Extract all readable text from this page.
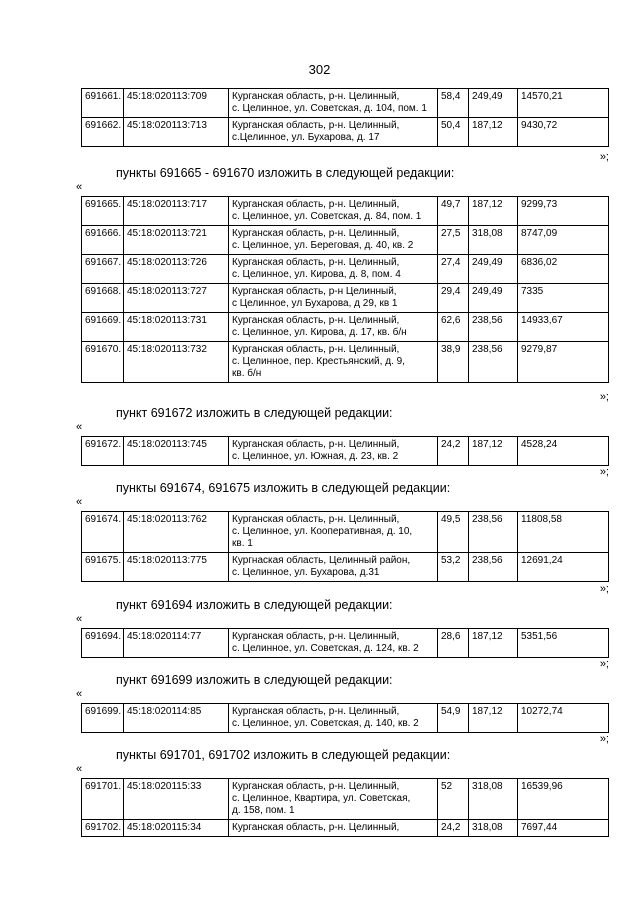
302
691661.	45:18:020113:709	Курганская область, р-н. Целинный,
с. Целинное, ул. Советская, д. 104, пом. 1	58,4	249,49	14570,21
691662.	45:18:020113:713	Курганская область, р-н. Целинный,
с.Целинное, ул. Бухарова, д. 17	50,4	187,12	9430,72
»;
пункты 691665 - 691670 изложить в следующей редакции:
«
691665.	45:18:020113:717	Курганская область, р-н. Целинный,
с. Целинное, ул. Советская, д. 84, пом. 1	49,7	187,12	9299,73
691666.	45:18:020113:721	Курганская область, р-н. Целинный,
с. Целинное, ул. Береговая, д. 40, кв. 2	27,5	318,08	8747,09
691667.	45:18:020113:726	Курганская область, р-н. Целинный,
с. Целинное, ул. Кирова, д. 8, пом. 4	27,4	249,49	6836,02
691668.	45:18:020113:727	Курганская область, р-н Целинный,
с Целинное, ул Бухарова, д 29, кв 1	29,4	249,49	7335
691669.	45:18:020113:731	Курганская область, р-н. Целинный,
с. Целинное, ул. Кирова, д. 17, кв. б/н	62,6	238,56	14933,67
691670.	45:18:020113:732	Курганская область, р-н. Целинный,
с. Целинное, пер. Крестьянский, д. 9,
кв. б/н	38,9	238,56	9279,87
»;
пункт 691672 изложить в следующей редакции:
«
691672.	45:18:020113:745	Курганская область, р-н. Целинный,
с. Целинное, ул. Южная, д. 23, кв. 2
	24,2	187,12	4528,24
»;
пункты 691674, 691675 изложить в следующей редакции:
«
691674.	45:18:020113:762	Курганская область, р-н. Целинный,
с. Целинное, ул. Кооперативная, д. 10,
кв. 1	49,5	238,56	11808,58
691675.	45:18:020113:775	Кургнаская область, Целинный район,
с. Целинное, ул. Бухарова, д.31	53,2	238,56	12691,24
»;
пункт 691694 изложить в следующей редакции:
«
691694.	45:18:020114:77	Курганская область, р-н. Целинный,
с. Целинное, ул. Советская, д. 124, кв. 2
	28,6	187,12	5351,56
»;
пункт 691699 изложить в следующей редакции:
«
691699.	45:18:020114:85	Курганская область, р-н. Целинный,
с. Целинное, ул. Советская, д. 140, кв. 2
	54,9	187,12	10272,74
»;
пункты 691701, 691702 изложить в следующей редакции:
«
691701.	45:18:020115:33	Курганская область, р-н. Целинный,
с. Целинное, Квартира, ул. Советская,
д. 158, пом. 1	52	318,08	16539,96
691702.	45:18:020115:34	Курганская область, р-н. Целинный,	24,2	318,08	7697,44
